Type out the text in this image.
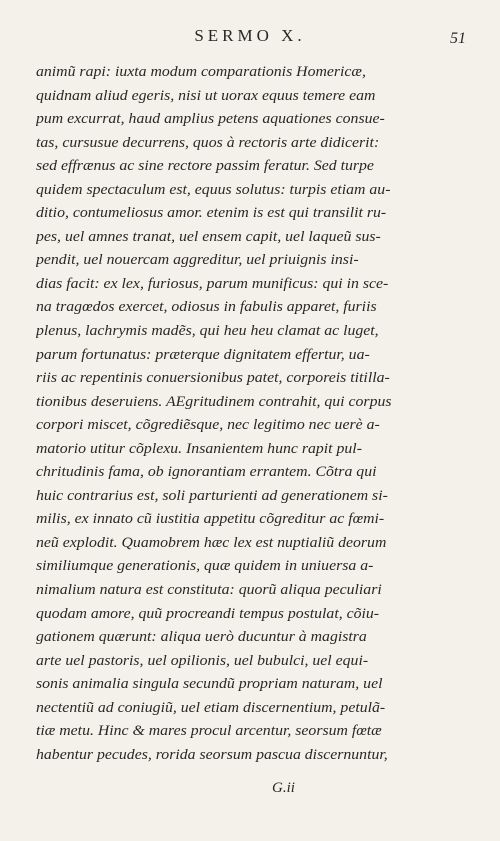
SERMO X.	51
animũ rapi: iuxta modum comparationis Homericæ,
quidnam aliud egeris, nisi ut uorax equus temere eam
pum excurrat, haud amplius petens aquationes consue-
tas, cursusue decurrens, quos à rectoris arte didicerit:
sed effrænus ac sine rectore passim feratur. Sed turpe
quidem spectaculum est, equus solutus: turpis etiam au-
ditio, contumeliosus amor. etenim is est qui transilit ru-
pes, uel amnes tranat, uel ensem capit, uel laqueũ sus-
pendit, uel nouercam aggreditur, uel priuignis insi-
dias facit: ex lex, furiosus, parum munificus: qui in sce-
na tragœdos exercet, odiosus in fabulis apparet, furiis
plenus, lachrymis madẽs, qui heu heu clamat ac luget,
parum fortunatus: præterque dignitatem effertur, ua-
riis ac repentinis conuersionibus patet, corporeis titilla-
tionibus deseruiens. AEgritudinem contrahit, qui corpus
corpori miscet, cõgrediẽsque, nec legitimo nec uerè a-
matorio utitur cõplexu. Insanientem hunc rapit pul-
chritudinis fama, ob ignorantiam errantem. Cõtra qui
huic contrarius est, soli parturienti ad generationem si-
milis, ex innato cũ iustitia appetitu cõgreditur ac fœmi-
neũ explodit. Quamobrem hæc lex est nuptialiũ deorum
similiumque generationis, quæ quidem in uniuersa a-
nimalium natura est constituta: quorũ aliqua peculiari
quodam amore, quũ procreandi tempus postulat, cõiu-
gationem quærunt: aliqua uerò ducuntur à magistra
arte uel pastoris, uel opilionis, uel bubulci, uel equi-
sonis animalia singula secundũ propriam naturam, uel
nectentiũ ad coniugiũ, uel etiam discernentium, petulã-
tiæ metu. Hinc & mares procul arcentur, seorsum fœtæ
habentur pecudes, rorida seorsum pascua discernuntur,
G.ii
